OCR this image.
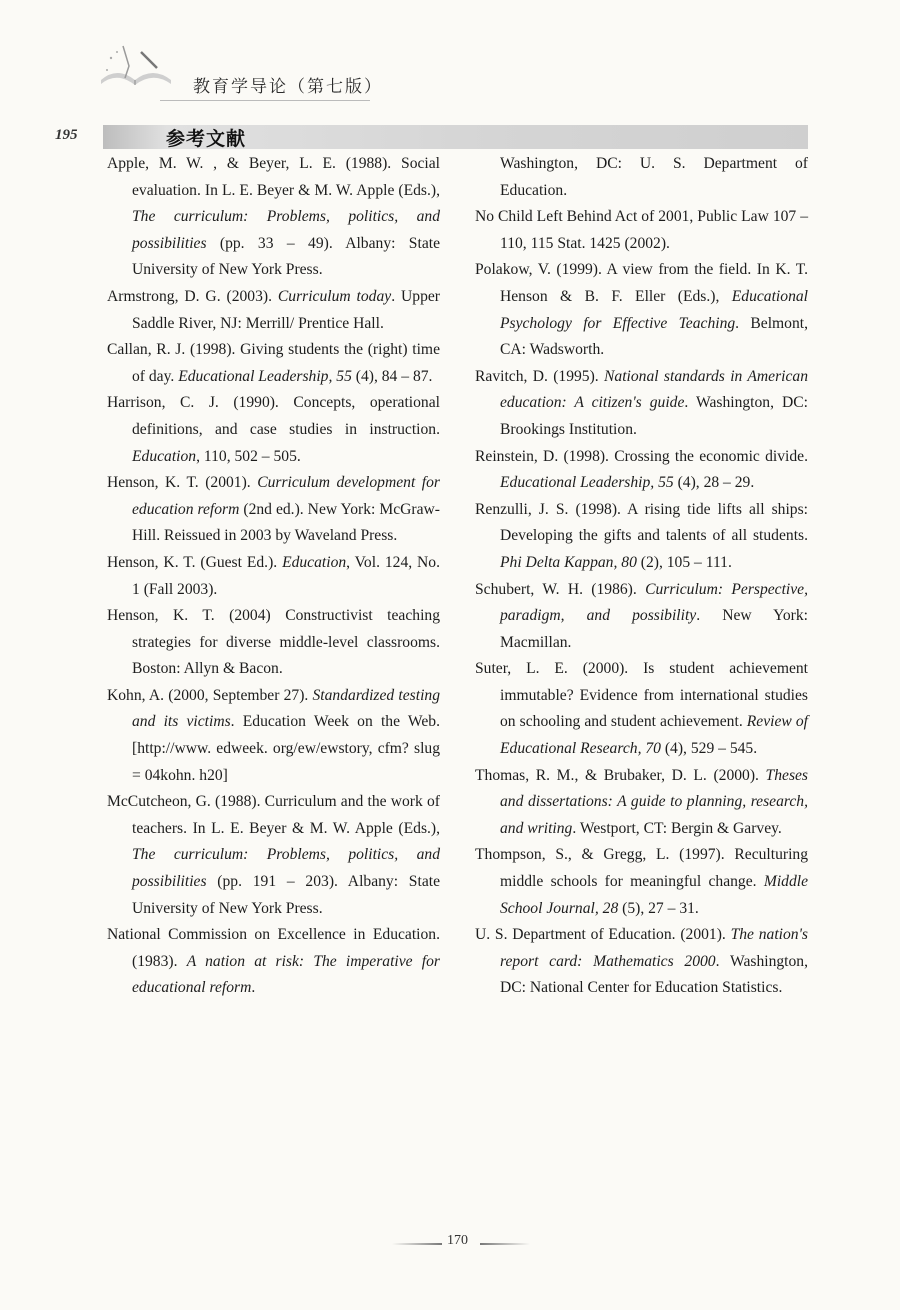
教育学导论（第七版）
195	参考文献
Apple, M. W. , & Beyer, L. E. (1988). Social evaluation. In L. E. Beyer & M. W. Apple (Eds.), The curriculum: Problems, politics, and possibilities (pp. 33 – 49). Albany: State University of New York Press.
Armstrong, D. G. (2003). Curriculum today. Upper Saddle River, NJ: Merrill/ Prentice Hall.
Callan, R. J. (1998). Giving students the (right) time of day. Educational Leadership, 55 (4), 84 – 87.
Harrison, C. J. (1990). Concepts, operational definitions, and case studies in instruction. Education, 110, 502 – 505.
Henson, K. T. (2001). Curriculum development for education reform (2nd ed.). New York: McGraw-Hill. Reissued in 2003 by Waveland Press.
Henson, K. T. (Guest Ed.). Education, Vol. 124, No. 1 (Fall 2003).
Henson, K. T. (2004) Constructivist teaching strategies for diverse middle-level classrooms. Boston: Allyn & Bacon.
Kohn, A. (2000, September 27). Standardized testing and its victims. Education Week on the Web. [http://www. edweek. org/ew/ewstory, cfm? slug = 04kohn. h20]
McCutcheon, G. (1988). Curriculum and the work of teachers. In L. E. Beyer & M. W. Apple (Eds.), The curriculum: Problems, politics, and possibilities (pp. 191 – 203). Albany: State University of New York Press.
National Commission on Excellence in Education. (1983). A nation at risk: The imperative for educational reform.
Washington, DC: U. S. Department of Education.
No Child Left Behind Act of 2001, Public Law 107 – 110, 115 Stat. 1425 (2002).
Polakow, V. (1999). A view from the field. In K. T. Henson & B. F. Eller (Eds.), Educational Psychology for Effective Teaching. Belmont, CA: Wadsworth.
Ravitch, D. (1995). National standards in American education: A citizen's guide. Washington, DC: Brookings Institution.
Reinstein, D. (1998). Crossing the economic divide. Educational Leadership, 55 (4), 28 – 29.
Renzulli, J. S. (1998). A rising tide lifts all ships: Developing the gifts and talents of all students. Phi Delta Kappan, 80 (2), 105 – 111.
Schubert, W. H. (1986). Curriculum: Perspective, paradigm, and possibility. New York: Macmillan.
Suter, L. E. (2000). Is student achievement immutable? Evidence from international studies on schooling and student achievement. Review of Educational Research, 70 (4), 529 – 545.
Thomas, R. M., & Brubaker, D. L. (2000). Theses and dissertations: A guide to planning, research, and writing. Westport, CT: Bergin & Garvey.
Thompson, S., & Gregg, L. (1997). Reculturing middle schools for meaningful change. Middle School Journal, 28 (5), 27 – 31.
U. S. Department of Education. (2001). The nation's report card: Mathematics 2000. Washington, DC: National Center for Education Statistics.
170
